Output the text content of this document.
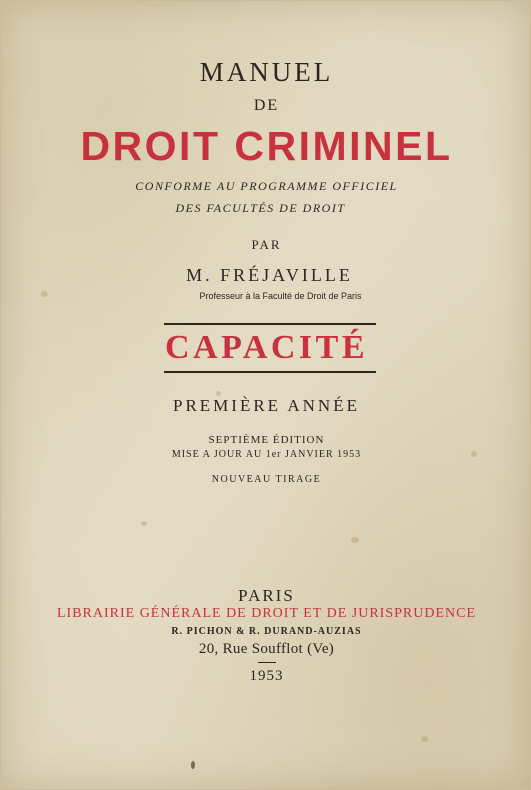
MANUEL
DE
DROIT CRIMINEL
CONFORME AU PROGRAMME OFFICIEL
DES FACULTÉS DE DROIT
PAR
M. FRÉJAVILLE
Professeur à la Faculté de Droit de Paris
CAPACITÉ
PREMIÈRE ANNÉE
SEPTIÈME ÉDITION
MISE A JOUR AU 1er JANVIER 1953
NOUVEAU TIRAGE
PARIS
LIBRAIRIE GÉNÉRALE DE DROIT ET DE JURISPRUDENCE
R. PICHON & R. DURAND-AUZIAS
20, Rue Soufflot (Ve)
1953
